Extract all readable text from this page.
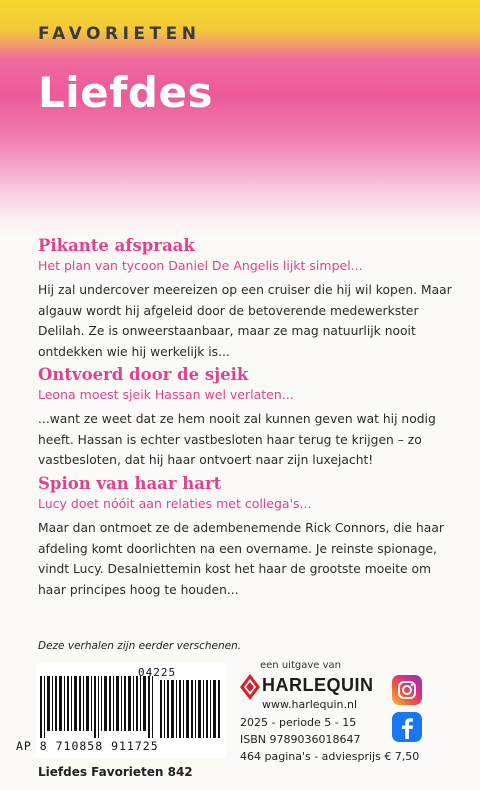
FAVORIETEN
Liefdes
Pikante afspraak
Het plan van tycoon Daniel De Angelis lijkt simpel...

Hij zal undercover meereizen op een cruiser die hij wil kopen. Maar algauw wordt hij afgeleid door de betoverende medewerkster Delilah. Ze is onweerstaanbaar, maar ze mag natuurlijk nooit ontdekken wie hij werkelijk is...

Ontvoerd door de sjeik
Leona moest sjeik Hassan wel verlaten...

...want ze weet dat ze hem nooit zal kunnen geven wat hij nodig heeft. Hassan is echter vastbesloten haar terug te krijgen – zo vastbesloten, dat hij haar ontvoert naar zijn luxejacht!

Spion van haar hart
Lucy doet nóóit aan relaties met collega's...

Maar dan ontmoet ze de adembenemende Rick Connors, die haar afdeling komt doorlichten na een overname. Je reinste spionage, vindt Lucy. Desalniettemin kost het haar de grootste moeite om haar principes hoog te houden...

Deze verhalen zijn eerder verschenen.
04225
AP 8 710858 911725
Liefdes Favorieten 842
een uitgave van
HARLEQUIN
www.harlequin.nl
2025 - periode 5 - 15
ISBN 9789036018647
464 pagina's - adviesprijs € 7,50
